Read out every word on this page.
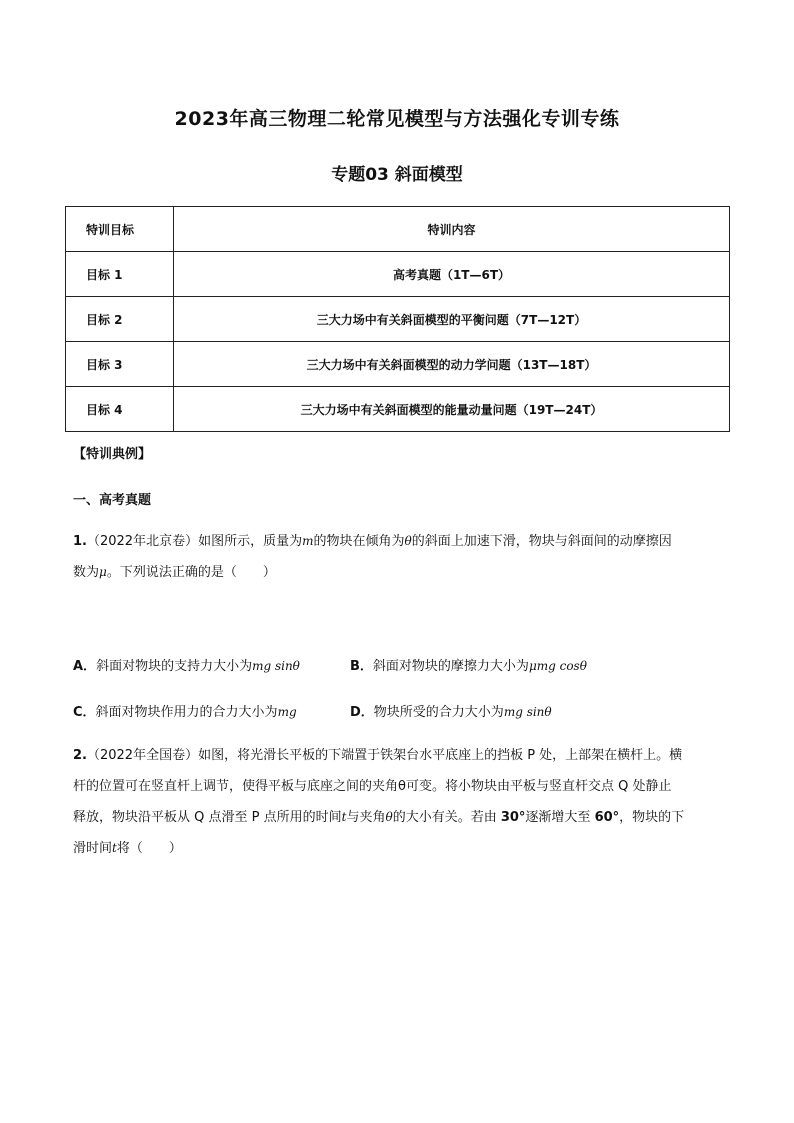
2023年高三物理二轮常见模型与方法强化专训专练
专题03 斜面模型
特训目标	特训内容
目标 1	高考真题（1T—6T）
目标 2	三大力场中有关斜面模型的平衡问题（7T—12T）
目标 3	三大力场中有关斜面模型的动力学问题（13T—18T）
目标 4	三大力场中有关斜面模型的能量动量问题（19T—24T）
【特训典例】
一、高考真题
1.（2022年北京卷）如图所示，质量为m的物块在倾角为θ的斜面上加速下滑，物块与斜面间的动摩擦因
数为μ。下列说法正确的是（　　）
A．斜面对物块的支持力大小为mg sinθ	B．斜面对物块的摩擦力大小为μmg cosθ
C．斜面对物块作用力的合力大小为mg	D．物块所受的合力大小为mg sinθ
2.（2022年全国卷）如图，将光滑长平板的下端置于铁架台水平底座上的挡板 P 处，上部架在横杆上。横
杆的位置可在竖直杆上调节，使得平板与底座之间的夹角θ可变。将小物块由平板与竖直杆交点 Q 处静止
释放，物块沿平板从 Q 点滑至 P 点所用的时间t与夹角θ的大小有关。若由 30°逐渐增大至 60°，物块的下
滑时间t将（　　）
